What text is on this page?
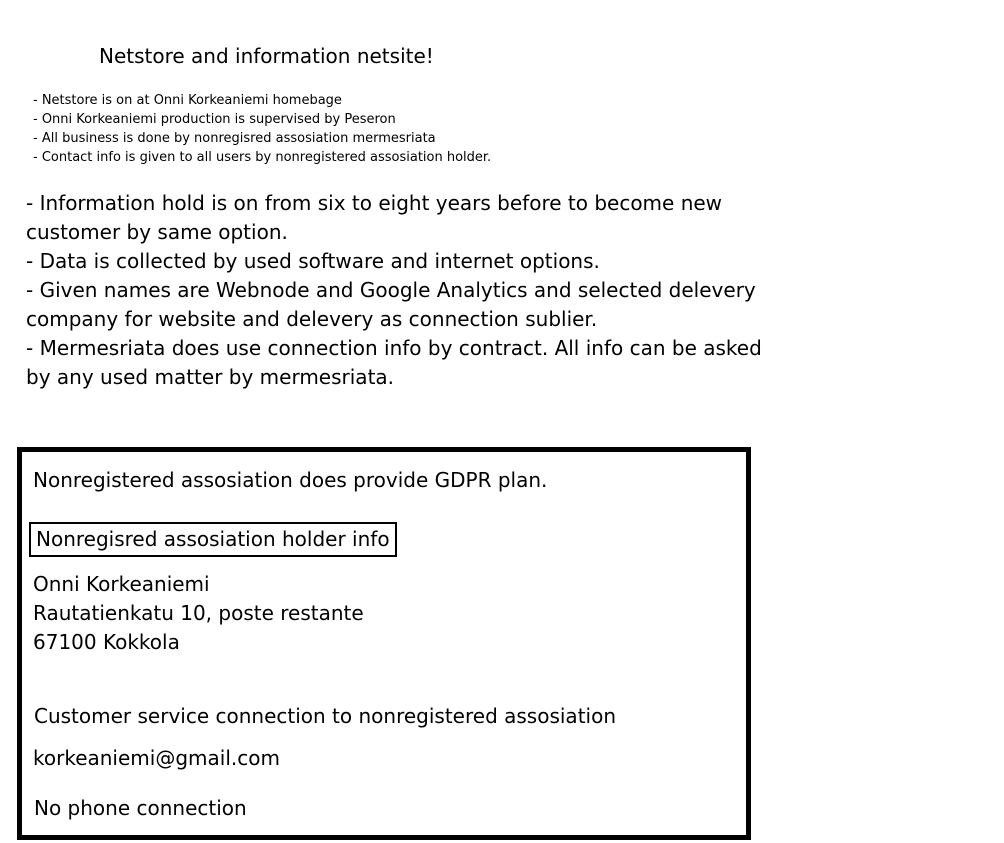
Netstore and information netsite!
- Netstore is on at Onni Korkeaniemi homebage
- Onni Korkeaniemi production is supervised by Peseron
- All business is done by nonregisred assosiation mermesriata
- Contact info is given to all users by nonregistered assosiation holder.

- Information hold is on from six to eight years before to become new customer by same option.

- Data is collected by used software and internet options.

- Given names are Webnode and Google Analytics and selected delevery company for website and delevery as connection sublier.

- Mermesriata does use connection info by contract. All info can be asked by any used matter by mermesriata.

Nonregistered assosiation does provide GDPR plan.

Nonregisred assosiation holder info
Onni Korkeaniemi
Rautatienkatu 10, poste restante
67100 Kokkola
Customer service connection to nonregistered assosiation
korkeaniemi@gmail.com
No phone connection
